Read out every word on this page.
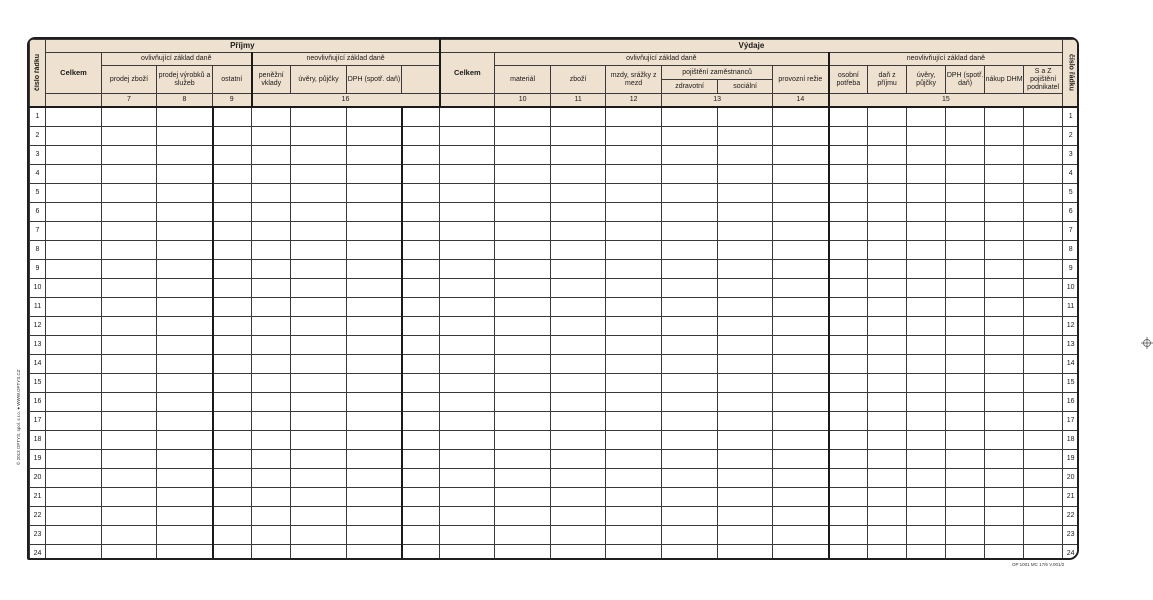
číslo řádku	Příjmy								Výdaje													číslo řádku
	Celkem	ovlivňující základ daně			neovlivňující základ daně				Celkem	ovlivňující základ daně						neovlivňující základ daně						
		prodej zboží	prodej výrobků a služeb	ostatní	peněžní vklady	úvěry, půjčky	DPH (spotř. daň)			materiál	zboží	mzdy, srážky z mezd	pojištění zaměstnanců		provozní režie	osobní potřeba	daň z příjmu	úvěry, půjčky	DPH (spotř. daň)	nákup DHM	S a Z pojištění podnikatel	
													zdravotní	sociální								
		7	8	9	16					10	11	12	13		14	15						
1																						1
2																						2
3																						3
4																						4
5																						5
6																						6
7																						7
8																						8
9																						9
10																						10
11																						11
12																						12
13																						13
14																						14
15																						15
16																						16
17																						17
18																						18
19																						19
20																						20
21																						21
22																						22
23																						23
24																						24
© 2013 OPTYS, spol. s r.o. ● WWW.OPTYS.CZ
OP 1001 MC 17/6 V.001/2
